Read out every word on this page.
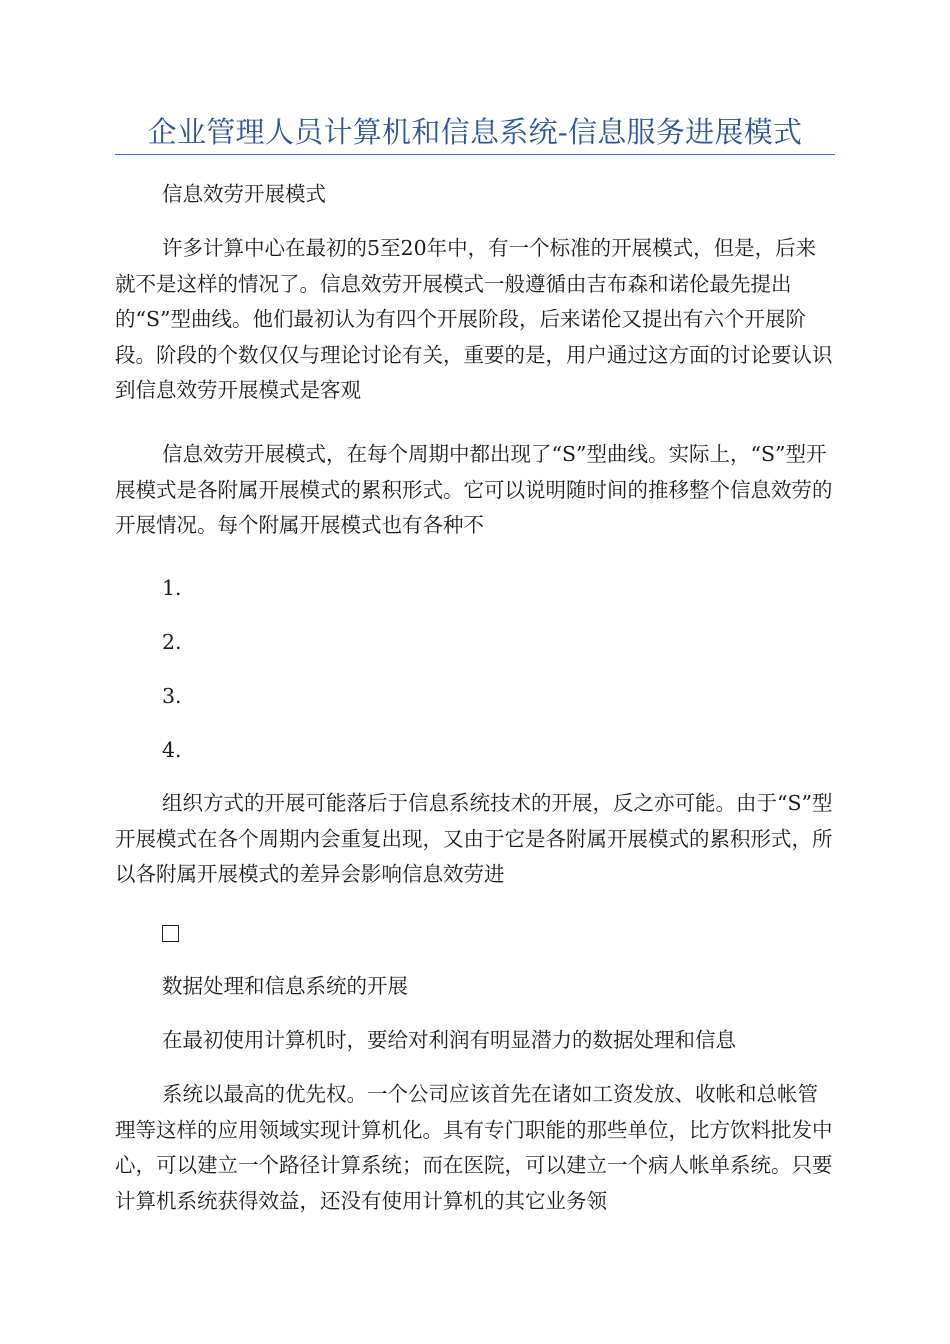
企业管理人员计算机和信息系统-信息服务进展模式

信息效劳开展模式

许多计算中心在最初的5至20年中，有一个标准的开展模式，但是，后来就不是这样的情况了。信息效劳开展模式一般遵循由吉布森和诺伦最先提出的“S”型曲线。他们最初认为有四个开展阶段，后来诺伦又提出有六个开展阶段。阶段的个数仅仅与理论讨论有关，重要的是，用户通过这方面的讨论要认识到信息效劳开展模式是客观

信息效劳开展模式，在每个周期中都出现了“S”型曲线。实际上，“S”型开展模式是各附属开展模式的累积形式。它可以说明随时间的推移整个信息效劳的开展情况。每个附属开展模式也有各种不

1.

2.

3.

4.

组织方式的开展可能落后于信息系统技术的开展，反之亦可能。由于“S”型开展模式在各个周期内会重复出现，又由于它是各附属开展模式的累积形式，所以各附属开展模式的差异会影响信息效劳进

数据处理和信息系统的开展

在最初使用计算机时，要给对利润有明显潜力的数据处理和信息

系统以最高的优先权。一个公司应该首先在诸如工资发放、收帐和总帐管理等这样的应用领域实现计算机化。具有专门职能的那些单位，比方饮料批发中心，可以建立一个路径计算系统；而在医院，可以建立一个病人帐单系统。只要计算机系统获得效益，还没有使用计算机的其它业务领
